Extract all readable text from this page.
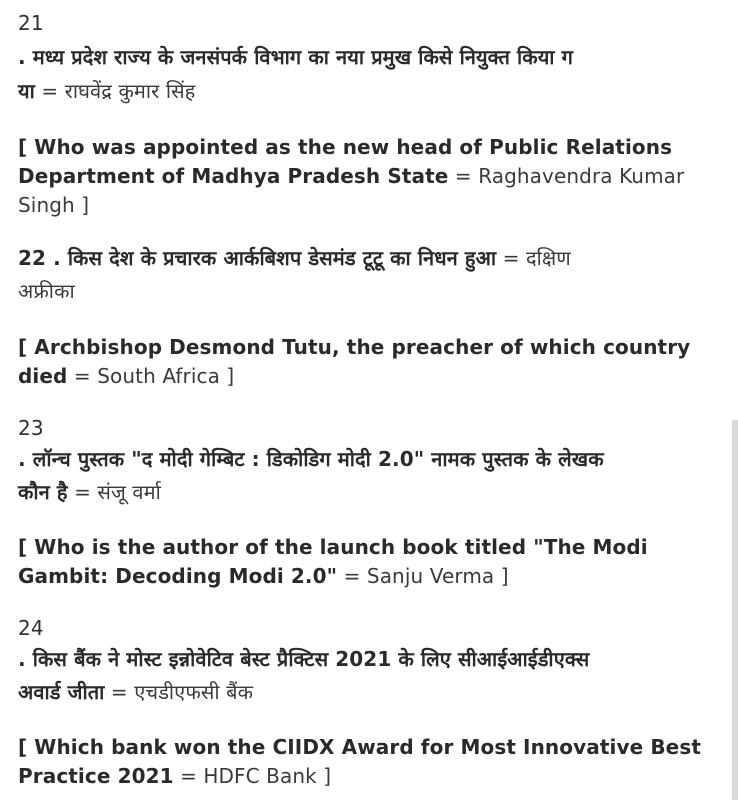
21
. मध्य प्रदेश राज्य के जनसंपर्क विभाग का नया प्रमुख किसे नियुक्त किया ग
या = राघवेंद्र कुमार सिंह
[ Who was appointed as the new head of Public Relations
Department of Madhya Pradesh State = Raghavendra Kumar
Singh ]
22 . किस देश के प्रचारक आर्कबिशप डेसमंड टूटू का निधन हुआ = दक्षिण
अफ्रीका
[ Archbishop Desmond Tutu, the preacher of which country
died = South Africa ]
23
. लॉन्च पुस्तक "द मोदी गेम्बिट : डिकोडिग मोदी 2.0" नामक पुस्तक के लेखक
कौन है = संजू वर्मा
[ Who is the author of the launch book titled "The Modi
Gambit: Decoding Modi 2.0" = Sanju Verma ]
24
. किस बैंक ने मोस्ट इन्नोवेटिव बेस्ट प्रैक्टिस 2021 के लिए सीआईआईडीएक्स
अवार्ड जीता = एचडीएफसी बैंक
[ Which bank won the CIIDX Award for Most Innovative Best
Practice 2021 = HDFC Bank ]
